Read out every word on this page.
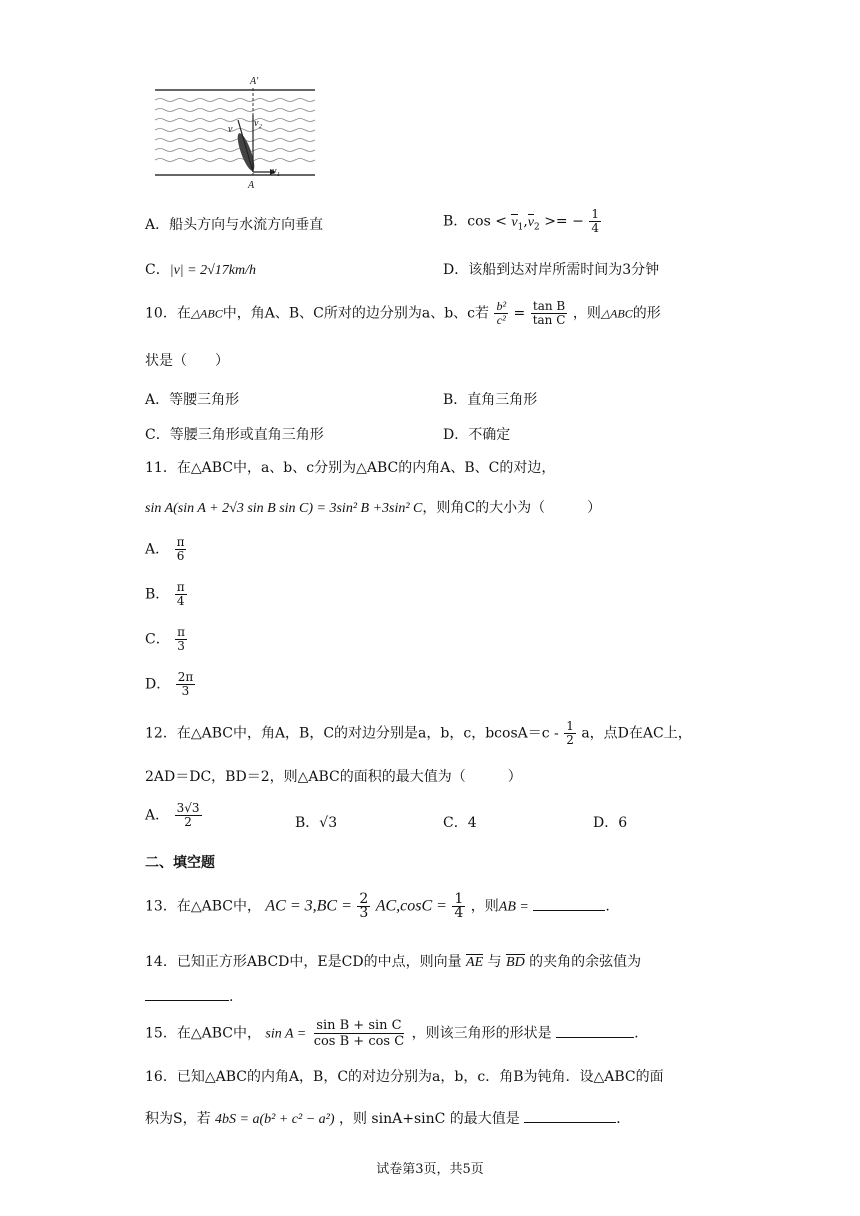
A'
A
v
v₂
v₁
A．船头方向与水流方向垂直	B．$\cos < v_1,v_2$ >= − $\frac{1}{4}$
C．|v| = 2√17km/h	D．该船到达对岸所需时间为3分钟
10．在△ABC中，角A、B、C所对的边分别为a、b、c若 $\frac{\text{b²}}{\text{c²}} = \frac{\text{tan B}}{\text{tan C}}$ ，则△ABC的形
状是（　　）
A．等腰三角形	B．直角三角形
C．等腰三角形或直角三角形	D．不确定
11．在△ABC中，a、b、c分别为△ABC的内角A、B、C的对边，
sin A(sin A + 2√3 sin B sin C) = 3sin² B +3sin² C，则角C的大小为（　　　）
A． $\frac{\pi}{6}$
B． $\frac{\pi}{4}$
C． $\frac{\pi}{3}$
D． $\frac{2\pi}{3}$
12．在△ABC中，角A，B，C的对边分别是a，b，c，$bcosA=c - \frac{1}{2}$ a，点D在AC上，
2AD＝DC，BD＝2，则△ABC的面积的最大值为（　　　）
A． $\frac{3√3}{2}$	B．√3	C．4	D．6
二、填空题
13．在△ABC中， AC = $3,BC = \frac{2}{3} AC,\cos C = \frac{1}{4}$ ，则AB =	.
14．已知正方形ABCD中，E是CD的中点，则向量 AE 与 BD 的夹角的余弦值为
.
15．在△ABC中， $\sin A = \frac{\text{sin B + sin C}}{\text{cos B + cos C}}$ ，则该三角形的形状是	.
16．已知△ABC的内角A，B，C的对边分别为a，b，c．角B为钝角．设△ABC的面
积为S，若 4bS = a(b² + c² − a²) ，则 sinA+sinC 的最大值是	．
试卷第3页，共5页
